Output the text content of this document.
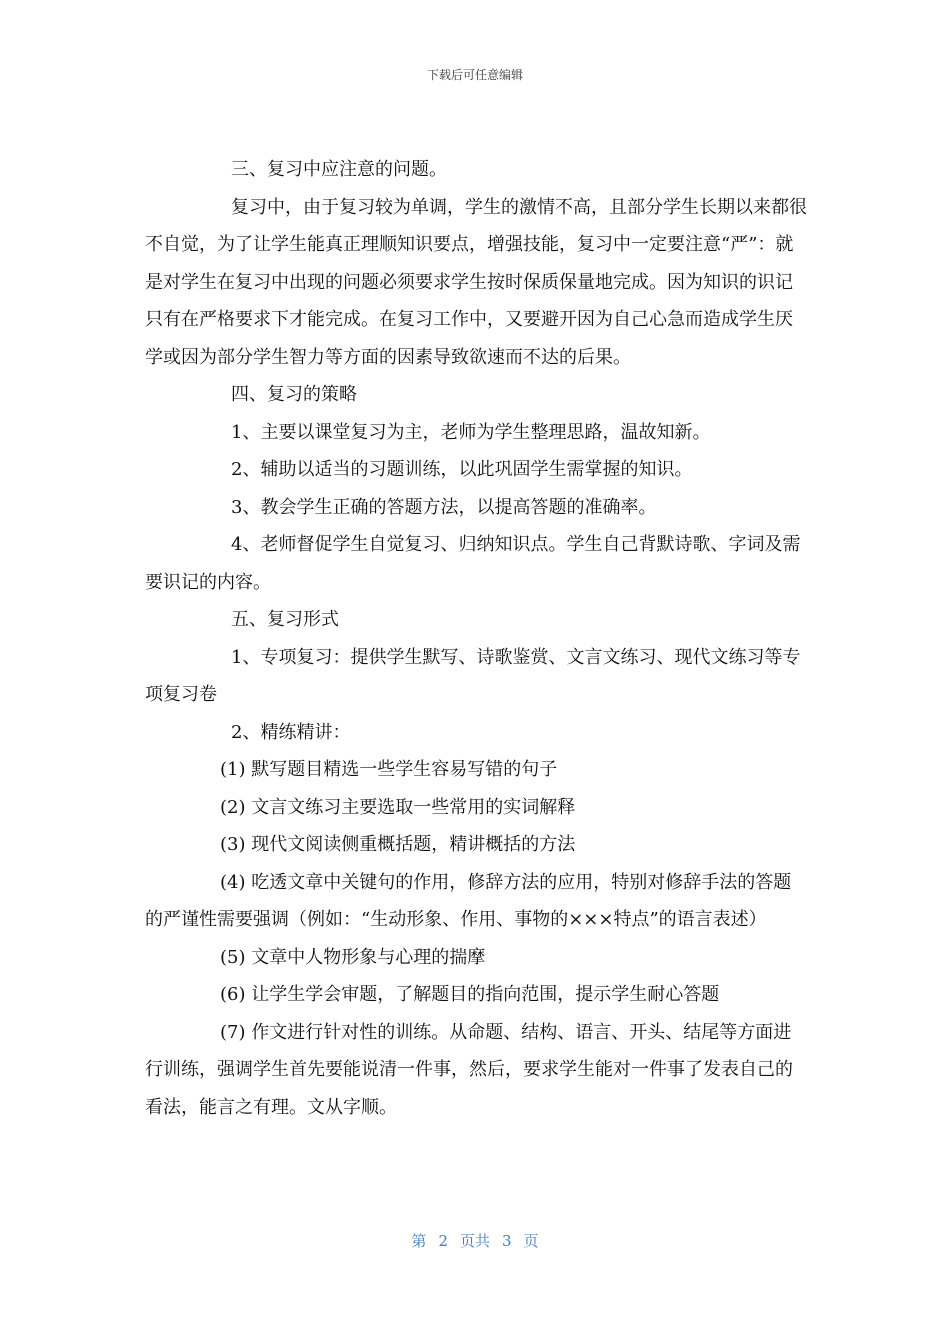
下载后可任意编辑

三、复习中应注意的问题。

复习中，由于复习较为单调，学生的激情不高，且部分学生长期以来都很不自觉，为了让学生能真正理顺知识要点，增强技能，复习中一定要注意“严”：就是对学生在复习中出现的问题必须要求学生按时保质保量地完成。因为知识的识记只有在严格要求下才能完成。在复习工作中，又要避开因为自己心急而造成学生厌学或因为部分学生智力等方面的因素导致欲速而不达的后果。

四、复习的策略

1、主要以课堂复习为主，老师为学生整理思路，温故知新。

2、辅助以适当的习题训练，以此巩固学生需掌握的知识。

3、教会学生正确的答题方法，以提高答题的准确率。

4、老师督促学生自觉复习、归纳知识点。学生自己背默诗歌、字词及需要识记的内容。

五、复习形式

1、专项复习：提供学生默写、诗歌鉴赏、文言文练习、现代文练习等专项复习卷

2、精练精讲：

(1) 默写题目精选一些学生容易写错的句子

(2) 文言文练习主要选取一些常用的实词解释

(3) 现代文阅读侧重概括题，精讲概括的方法

(4) 吃透文章中关键句的作用，修辞方法的应用，特别对修辞手法的答题的严谨性需要强调（例如：“生动形象、作用、事物的×××特点”的语言表述）

(5) 文章中人物形象与心理的揣摩

(6) 让学生学会审题，了解题目的指向范围，提示学生耐心答题

(7) 作文进行针对性的训练。从命题、结构、语言、开头、结尾等方面进行训练，强调学生首先要能说清一件事，然后，要求学生能对一件事了发表自己的看法，能言之有理。文从字顺。

第 2 页共 3 页
